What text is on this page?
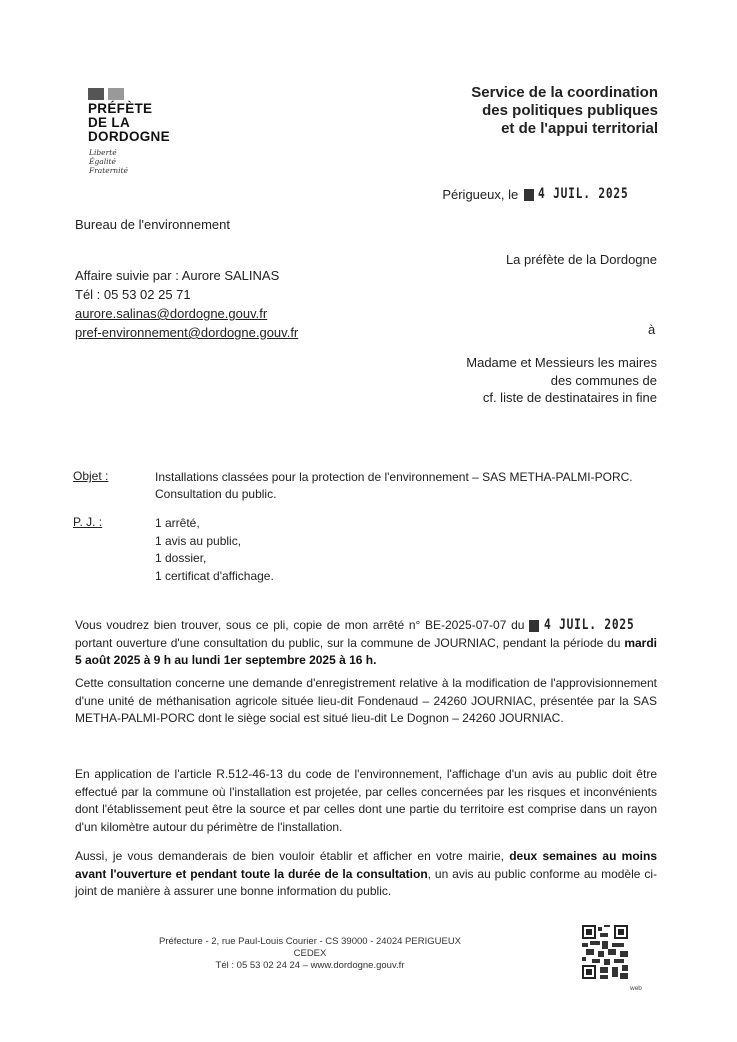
PRÉFÈTE
DE LA
DORDOGNE
Liberté
Égalité
Fraternité
Service de la coordination
des politiques publiques
et de l'appui territorial
Périgueux, le	4 JUIL. 2025
Bureau de l'environnement
La préfète de la Dordogne
Affaire suivie par : Aurore SALINAS
Tél : 05 53 02 25 71
aurore.salinas@dordogne.gouv.fr
pref-environnement@dordogne.gouv.fr	à
Madame et Messieurs les maires
des communes de
cf. liste de destinataires in fine
Objet :	Installations classées pour la protection de l'environnement – SAS METHA-PALMI-PORC.
Consultation du public.
P. J. :	1 arrêté,
1 avis au public,
1 dossier,
1 certificat d'affichage.
Vous voudrez bien trouver, sous ce pli, copie de mon arrêté n° BE-2025-07-07 du 4 JUIL. 2025 portant ouverture d'une consultation du public, sur la commune de JOURNIAC, pendant la période du mardi 5 août 2025 à 9 h au lundi 1er septembre 2025 à 16 h.
Cette consultation concerne une demande d'enregistrement relative à la modification de l'approvisionnement d'une unité de méthanisation agricole située lieu-dit Fondenaud – 24260 JOURNIAC, présentée par la SAS METHA-PALMI-PORC dont le siège social est situé lieu-dit Le Dognon – 24260 JOURNIAC.
En application de l'article R.512-46-13 du code de l'environnement, l'affichage d'un avis au public doit être effectué par la commune où l'installation est projetée, par celles concernées par les risques et inconvénients dont l'établissement peut être la source et par celles dont une partie du territoire est comprise dans un rayon d'un kilomètre autour du périmètre de l'installation.
Aussi, je vous demanderais de bien vouloir établir et afficher en votre mairie, deux semaines au moins avant l'ouverture et pendant toute la durée de la consultation, un avis au public conforme au modèle ci-joint de manière à assurer une bonne information du public.
Préfecture - 2, rue Paul-Louis Courier - CS 39000 - 24024 PERIGUEUX CEDEX
Tél : 05 53 02 24 24 – www.dordogne.gouv.fr
web
